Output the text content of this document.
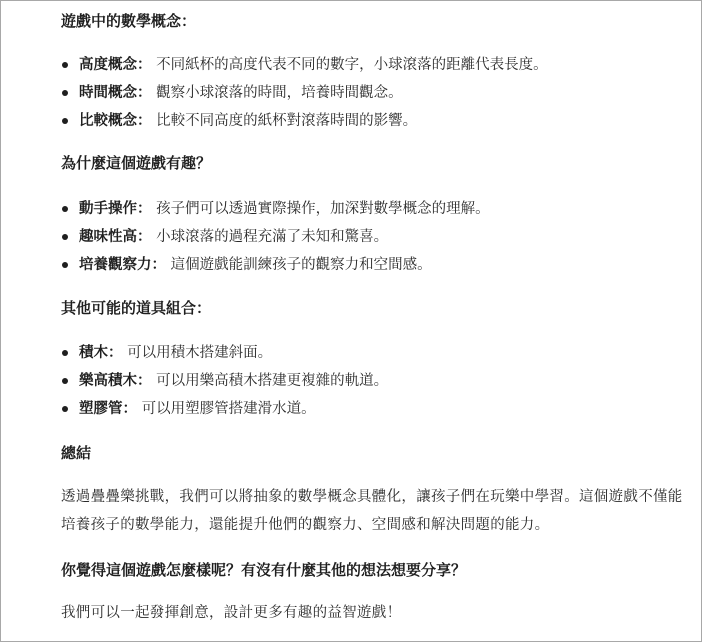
遊戲中的數學概念：
高度概念： 不同紙杯的高度代表不同的數字，小球滾落的距離代表長度。
時間概念： 觀察小球滾落的時間，培養時間觀念。
比較概念： 比較不同高度的紙杯對滾落時間的影響。
為什麼這個遊戲有趣？
動手操作： 孩子們可以透過實際操作，加深對數學概念的理解。
趣味性高： 小球滾落的過程充滿了未知和驚喜。
培養觀察力： 這個遊戲能訓練孩子的觀察力和空間感。
其他可能的道具組合：
積木： 可以用積木搭建斜面。
樂高積木： 可以用樂高積木搭建更複雜的軌道。
塑膠管： 可以用塑膠管搭建滑水道。
總結
透過疊疊樂挑戰，我們可以將抽象的數學概念具體化，讓孩子們在玩樂中學習。這個遊戲不僅能培養孩子的數學能力，還能提升他們的觀察力、空間感和解決問題的能力。
你覺得這個遊戲怎麼樣呢？有沒有什麼其他的想法想要分享？
我們可以一起發揮創意，設計更多有趣的益智遊戲！
